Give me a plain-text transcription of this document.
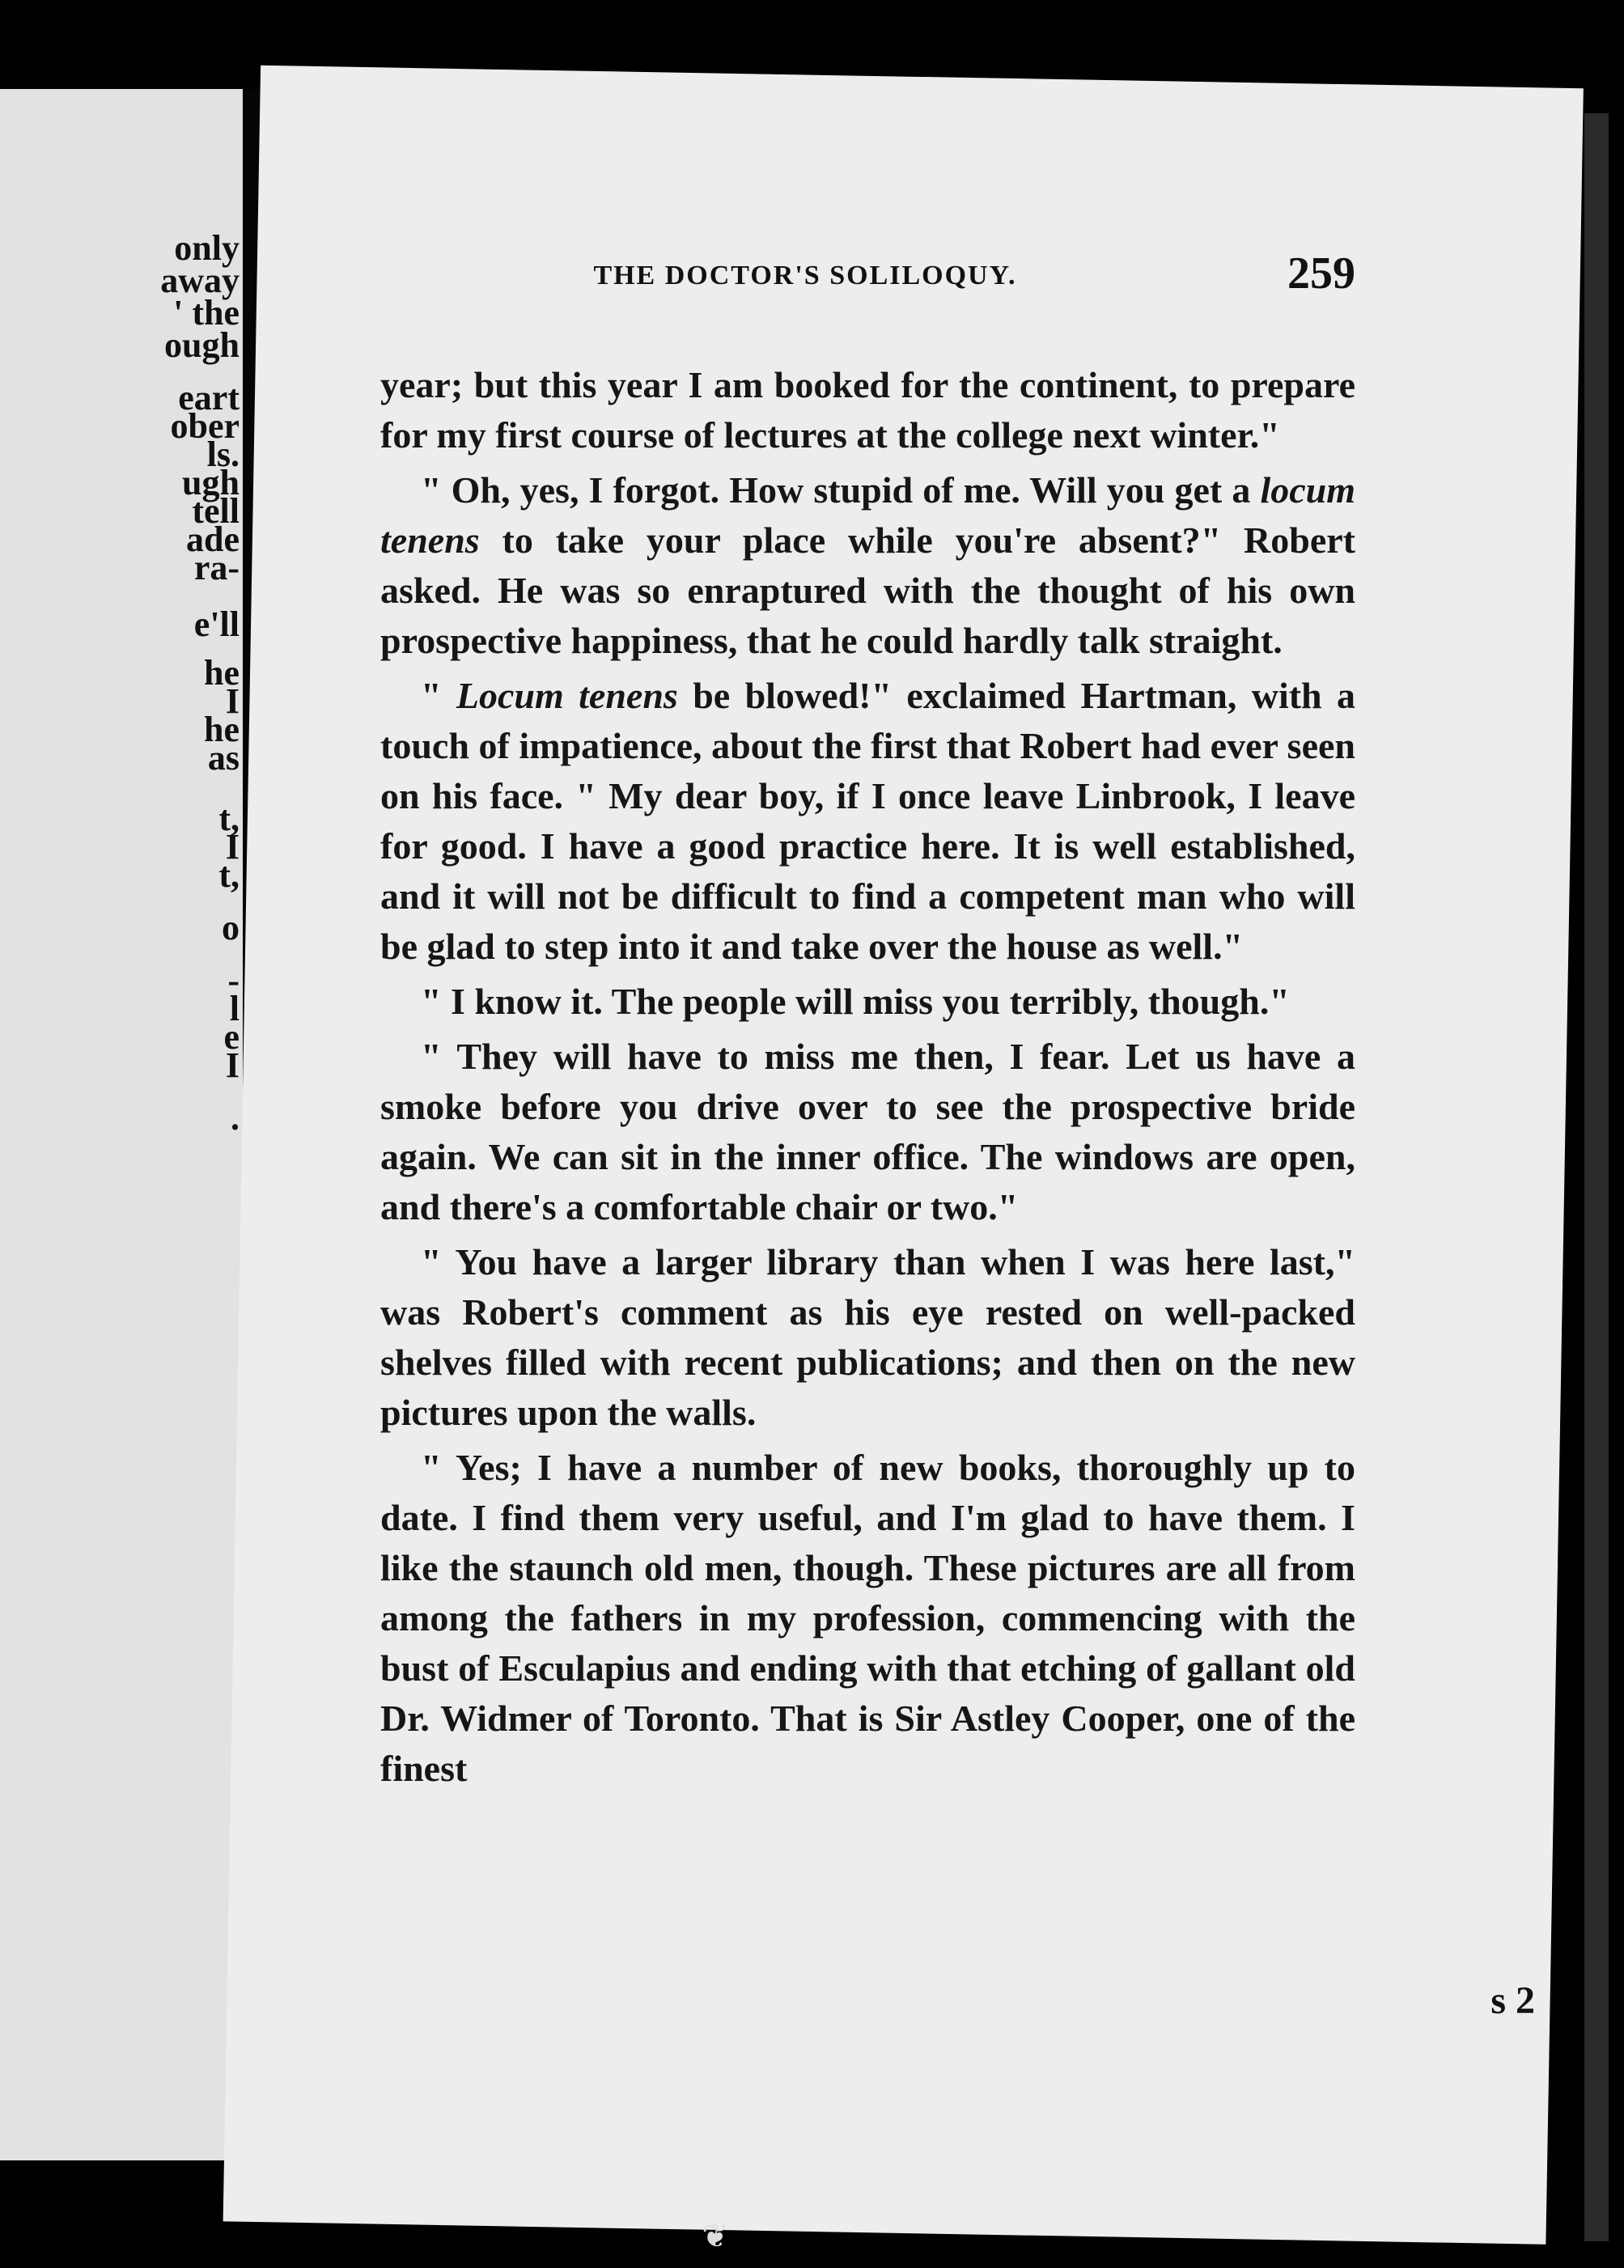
only
away
' the
ough
eart
ober
ls.
ugh
tell
ade
ra-
e'll
he
I
he
as
t,
I
t,
o
-
l
e
I
.
THE DOCTOR'S SOLILOQUY.	259

year; but this year I am booked for the continent, to prepare for my first course of lectures at the college next winter."

" Oh, yes, I forgot. How stupid of me. Will you get a locum tenens to take your place while you're absent?" Robert asked. He was so enraptured with the thought of his own prospective happiness, that he could hardly talk straight.

" Locum tenens be blowed!" exclaimed Hartman, with a touch of impatience, about the first that Robert had ever seen on his face. " My dear boy, if I once leave Linbrook, I leave for good. I have a good practice here. It is well established, and it will not be difficult to find a competent man who will be glad to step into it and take over the house as well."

" I know it. The people will miss you terribly, though."

" They will have to miss me then, I fear. Let us have a smoke before you drive over to see the prospective bride again. We can sit in the inner office. The windows are open, and there's a comfortable chair or two."

" You have a larger library than when I was here last," was Robert's comment as his eye rested on well-packed shelves filled with recent publications; and then on the new pictures upon the walls.

" Yes; I have a number of new books, thoroughly up to date. I find them very useful, and I'm glad to have them. I like the staunch old men, though. These pictures are all from among the fathers in my profession, commencing with the bust of Esculapius and ending with that etching of gallant old Dr. Widmer of Toronto. That is Sir Astley Cooper, one of the finest

s 2
❦
